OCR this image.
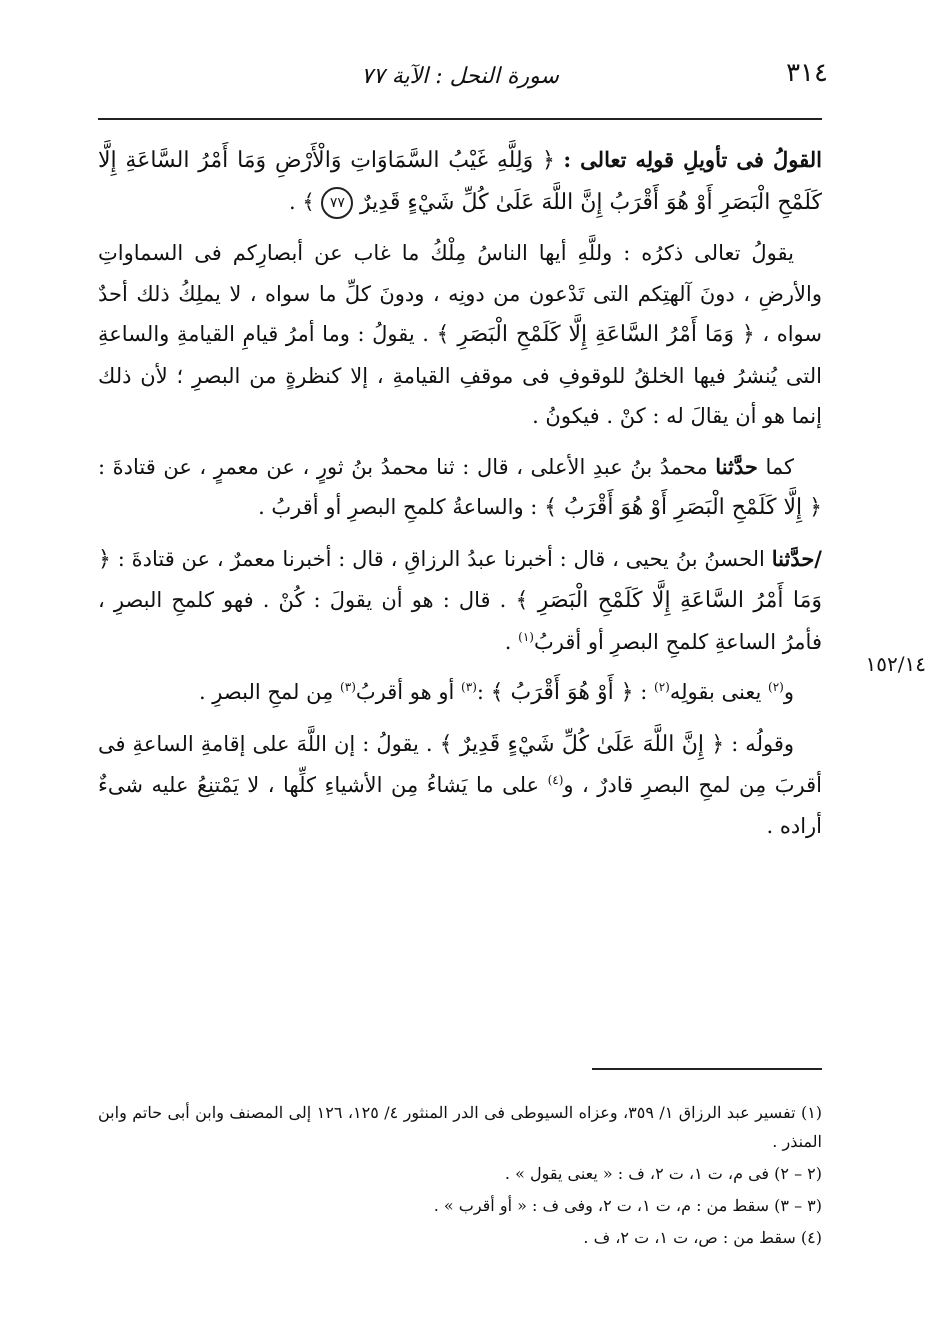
٣١٤
سورة النحل : الآية ٧٧
١٥٢/١٤

القولُ فى تأويلِ قولِه تعالى : ﴿ وَلِلَّهِ غَيْبُ السَّمَاوَاتِ وَالْأَرْضِ وَمَا أَمْرُ السَّاعَةِ إِلَّا كَلَمْحِ الْبَصَرِ أَوْ هُوَ أَقْرَبُ إِنَّ اللَّهَ عَلَىٰ كُلِّ شَيْءٍ قَدِيرٌ ٧٧ ﴾ .

يقولُ تعالى ذكرُه : وللَّهِ أيها الناسُ مِلْكُ ما غاب عن أبصارِكم فى السماواتِ والأرضِ ، دونَ آلهتِكم التى تَدْعون من دونِه ، ودونَ كلِّ ما سواه ، لا يملِكُ ذلك أحدٌ سواه ، ﴿ وَمَا أَمْرُ السَّاعَةِ إِلَّا كَلَمْحِ الْبَصَرِ ﴾ . يقولُ : وما أمرُ قيامِ القيامةِ والساعةِ التى يُنشرُ فيها الخلقُ للوقوفِ فى موقفِ القيامةِ ، إلا كنظرةٍ من البصرِ ؛ لأن ذلك إنما هو أن يقالَ له : كنْ . فيكونُ .

كما حدَّثنا محمدُ بنُ عبدِ الأعلى ، قال : ثنا محمدُ بنُ ثورٍ ، عن معمرٍ ، عن قتادةَ : ﴿ إِلَّا كَلَمْحِ الْبَصَرِ أَوْ هُوَ أَقْرَبُ ﴾ : والساعةُ كلمحِ البصرِ أو أقربُ .

/حدَّثنا الحسنُ بنُ يحيى ، قال : أخبرنا عبدُ الرزاقِ ، قال : أخبرنا معمرٌ ، عن قتادةَ : ﴿ وَمَا أَمْرُ السَّاعَةِ إِلَّا كَلَمْحِ الْبَصَرِ ﴾ . قال : هو أن يقولَ : كُنْ . فهو كلمحِ البصرِ ، فأمرُ الساعةِ كلمحِ البصرِ أو أقربُ$^{(١)}$ .

و$^{(٢)}$ يعنى بقولِه$^{(٢)}$ : ﴿ أَوْ هُوَ أَقْرَبُ ﴾ :$^{(٣)}$ أو هو أقربُ$^{(٣)}$ مِن لمحِ البصرِ .

وقولُه : ﴿ إِنَّ اللَّهَ عَلَىٰ كُلِّ شَيْءٍ قَدِيرٌ ﴾ . يقولُ : إن اللَّهَ على إقامةِ الساعةِ فى أقربَ مِن لمحِ البصرِ قادرٌ ، و$^{(٤)}$ على ما يَشاءُ مِن الأشياءِ كلِّها ، لا يَمْتنِعُ عليه شىءٌ أراده .

(١) تفسير عبد الرزاق ١/ ٣٥٩، وعزاه السيوطى فى الدر المنثور ٤/ ١٢٥، ١٢٦ إلى المصنف وابن أبى حاتم وابن المنذر .

(٢ – ٢) فى م، ت ١، ت ٢، ف : « يعنى يقول » .

(٣ – ٣) سقط من : م، ت ١، ت ٢، وفى ف : « أو أقرب » .

(٤) سقط من : ص، ت ١، ت ٢، ف .
